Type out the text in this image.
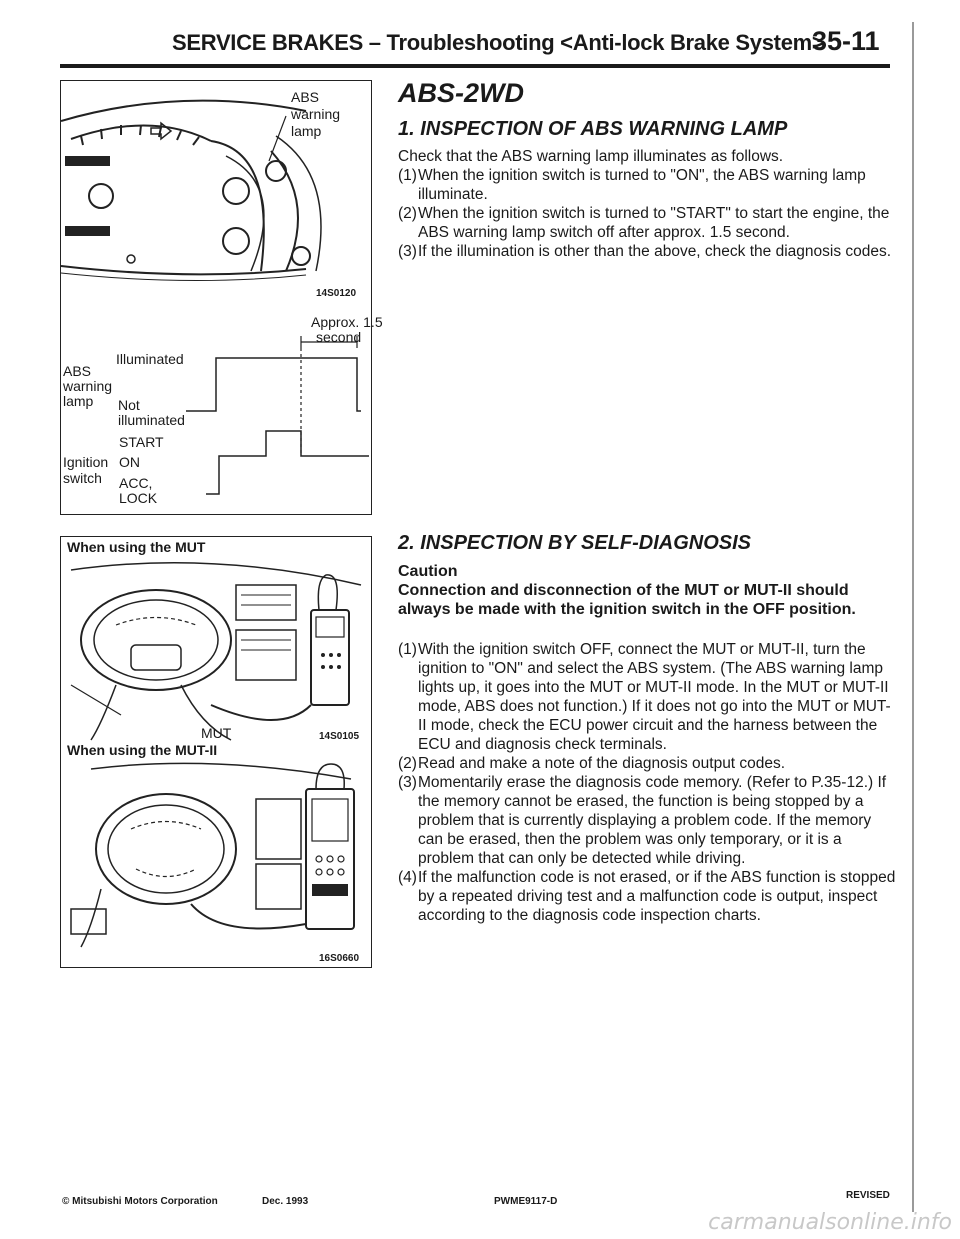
SERVICE BRAKES – Troubleshooting <Anti-lock Brake System>
35-11
ABS
warning
lamp
14S0120
Approx. 1.5
second
ABS
warning
lamp
Illuminated
Not
illuminated
START
Ignition
switch
ON
ACC,
LOCK
When using the MUT
MUT	14S0105
When using the MUT-II
16S0660
ABS-2WD
1. INSPECTION OF ABS WARNING LAMP
Check that the ABS warning lamp illuminates as follows.
(1) When the ignition switch is turned to "ON", the ABS warning lamp illuminate.
(2) When the ignition switch is turned to "START" to start the engine, the ABS warning lamp switch off after approx. 1.5 second.
(3) If the illumination is other than the above, check the diagnosis codes.
2. INSPECTION BY SELF-DIAGNOSIS
Caution
Connection and disconnection of the MUT or MUT-II should always be made with the ignition switch in the OFF position.
(1) With the ignition switch OFF, connect the MUT or MUT-II, turn the ignition to "ON" and select the ABS system. (The ABS warning lamp lights up, it goes into the MUT or MUT-II mode. In the MUT or MUT-II mode, ABS does not function.) If it does not go into the MUT or MUT-II mode, check the ECU power circuit and the harness between the ECU and diagnosis check terminals.
(2) Read and make a note of the diagnosis output codes.
(3) Momentarily erase the diagnosis code memory. (Refer to P.35-12.) If the memory cannot be erased, the function is being stopped by a problem that is currently displaying a problem code. If the memory can be erased, then the problem was only temporary, or it is a problem that can only be detected while driving.
(4) If the malfunction code is not erased, or if the ABS function is stopped by a repeated driving test and a malfunction code is output, inspect according to the diagnosis code inspection charts.
© Mitsubishi Motors Corporation	Dec. 1993	PWME9117-D
REVISED
carmanualsonline.info
